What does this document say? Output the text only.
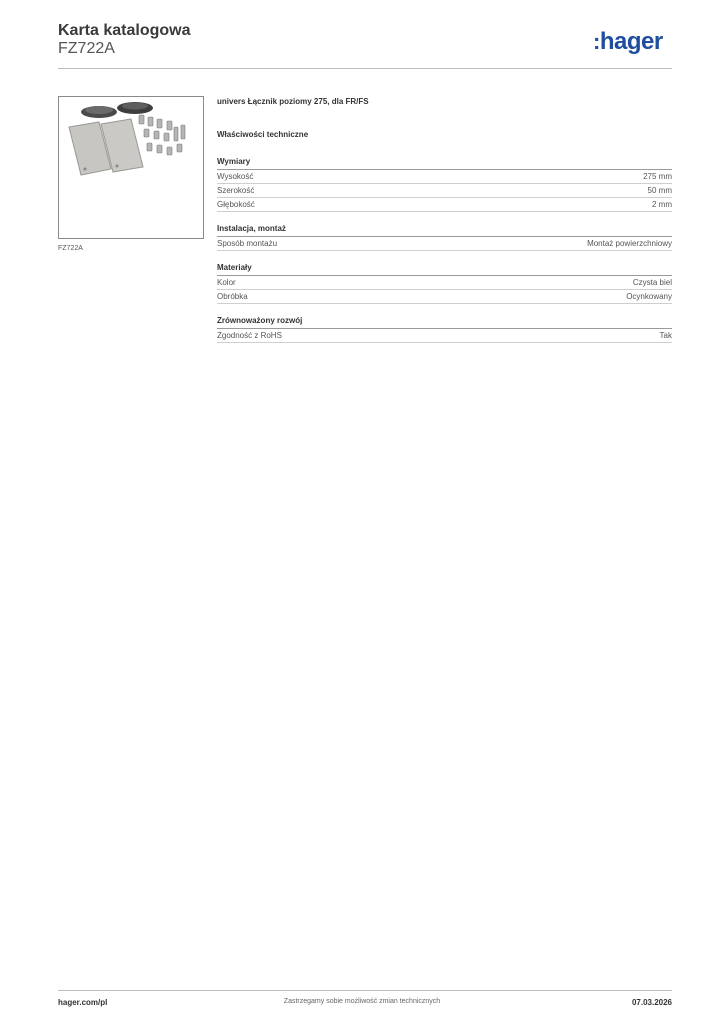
Karta katalogowa
FZ722A	:hager
FZ722A
univers Łącznik poziomy 275, dla FR/FS
Właściwości techniczne
Wymiary
Wysokość	275 mm
Szerokość	50 mm
Głębokość	2 mm
Instalacja, montaż
Sposób montażu	Montaż powierzchniowy
Materiały
Kolor	Czysta biel
Obróbka	Ocynkowany
Zrównoważony rozwój
Zgodność z RoHS	Tak
hager.com/pl	Zastrzegamy sobie możliwość zmian technicznych	07.03.2026
